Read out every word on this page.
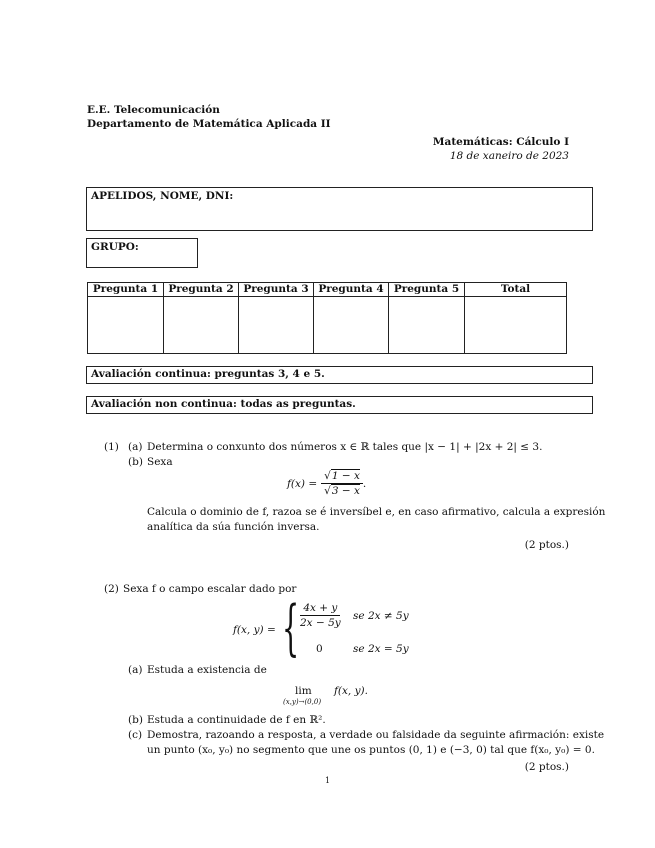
E.E. Telecomunicación
Departamento de Matemática Aplicada II
Matemáticas: Cálculo I
18 de xaneiro de 2023
APELIDOS, NOME, DNI:
GRUPO:
Pregunta 1	Pregunta 2	Pregunta 3	Pregunta 4	Pregunta 5	Total

Avaliación continua: preguntas 3, 4 e 5.
Avaliación non continua: todas as preguntas.
(1) (a) Determina o conxunto dos números x ∈ ℝ tales que |x − 1| + |2x + 2| ≤ 3.
(b) Sexa
$f(x) = \frac{√1 - x}{√3 - x}$ .
Calcula o dominio de f, razoa se é inversíbel e, en caso afirmativo, calcula a expresión
analítica da súa función inversa.
(2 ptos.)
(2) Sexa f o campo escalar dado por
f(x, y) = {
$\frac{4x + y}{2x - 5y}$ se 2x ≠ 5y
0	se 2x = 5y
(a) Estuda a existencia de
lim
(x,y)→(0,0)
f(x, y).
(b) Estuda a continuidade de f en ℝ².
(c) Demostra, razoando a resposta, a verdade ou falsidade da seguinte afirmación: existe
un punto (x₀, y₀) no segmento que une os puntos (0, 1) e (−3, 0) tal que f(x₀, y₀) = 0.
(2 ptos.)
1
